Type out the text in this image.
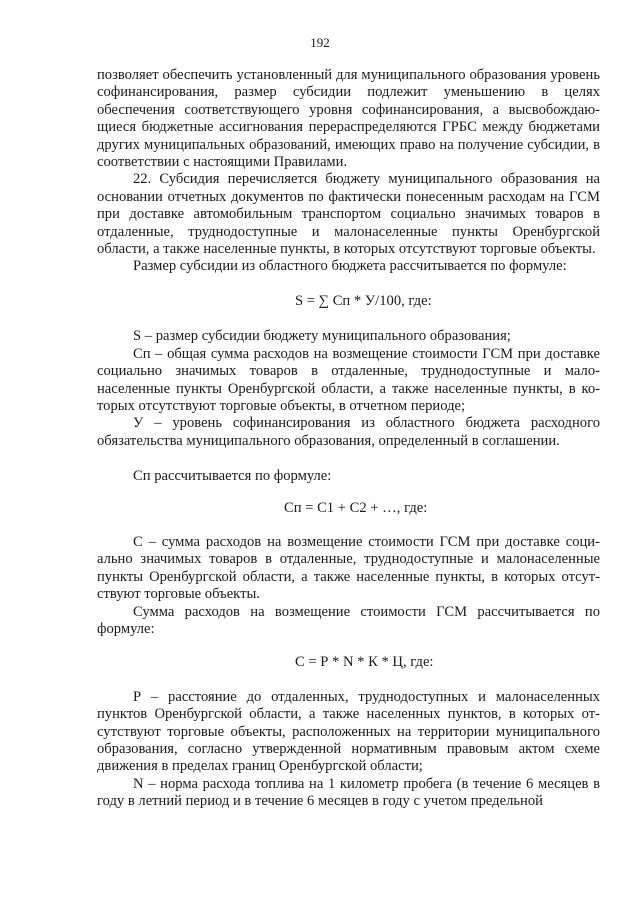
192

позволяет обеспечить установленный для муниципального образования уровень софинансирования, размер субсидии подлежит уменьшению в целях обеспечения соответствующего уровня софинансирования, а высвобождающиеся бюджетные ассигнования перераспределяются ГРБС между бюджетами других муниципальных образований, имеющих право на получение субсидии, в соответствии с настоящими Правилами.

22. Субсидия перечисляется бюджету муниципального образования на основании отчетных документов по фактически понесенным расходам на ГСМ при доставке автомобильным транспортом социально значимых товаров в отдаленные, труднодоступные и малонаселенные пункты Оренбургской области, а также населенные пункты, в которых отсутствуют торговые объекты.

Размер субсидии из областного бюджета рассчитывается по формуле:

S = ∑ Сп * У/100, где:

S – размер субсидии бюджету муниципального образования;

Сп – общая сумма расходов на возмещение стоимости ГСМ при доставке социально значимых товаров в отдаленные, труднодоступные и малонаселенные пункты Оренбургской области, а также населенные пункты, в которых отсутствуют торговые объекты, в отчетном периоде;

У – уровень софинансирования из областного бюджета расходного обязательства муниципального образования, определенный в соглашении.

Сп рассчитывается по формуле:

Сп = С1 + С2 + …, где:

С – сумма расходов на возмещение стоимости ГСМ при доставке социально значимых товаров в отдаленные, труднодоступные и малонаселенные пункты Оренбургской области, а также населенные пункты, в которых отсутствуют торговые объекты.

Сумма расходов на возмещение стоимости ГСМ рассчитывается по формуле:

С = Р * N * К * Ц, где:

Р – расстояние до отдаленных, труднодоступных и малонаселенных пунктов Оренбургской области, а также населенных пунктов, в которых отсутствуют торговые объекты, расположенных на территории муниципального образования, согласно утвержденной нормативным правовым актом схеме движения в пределах границ Оренбургской области;

N – норма расхода топлива на 1 километр пробега (в течение 6 месяцев в году в летний период и в течение 6 месяцев в году с учетом предельной
